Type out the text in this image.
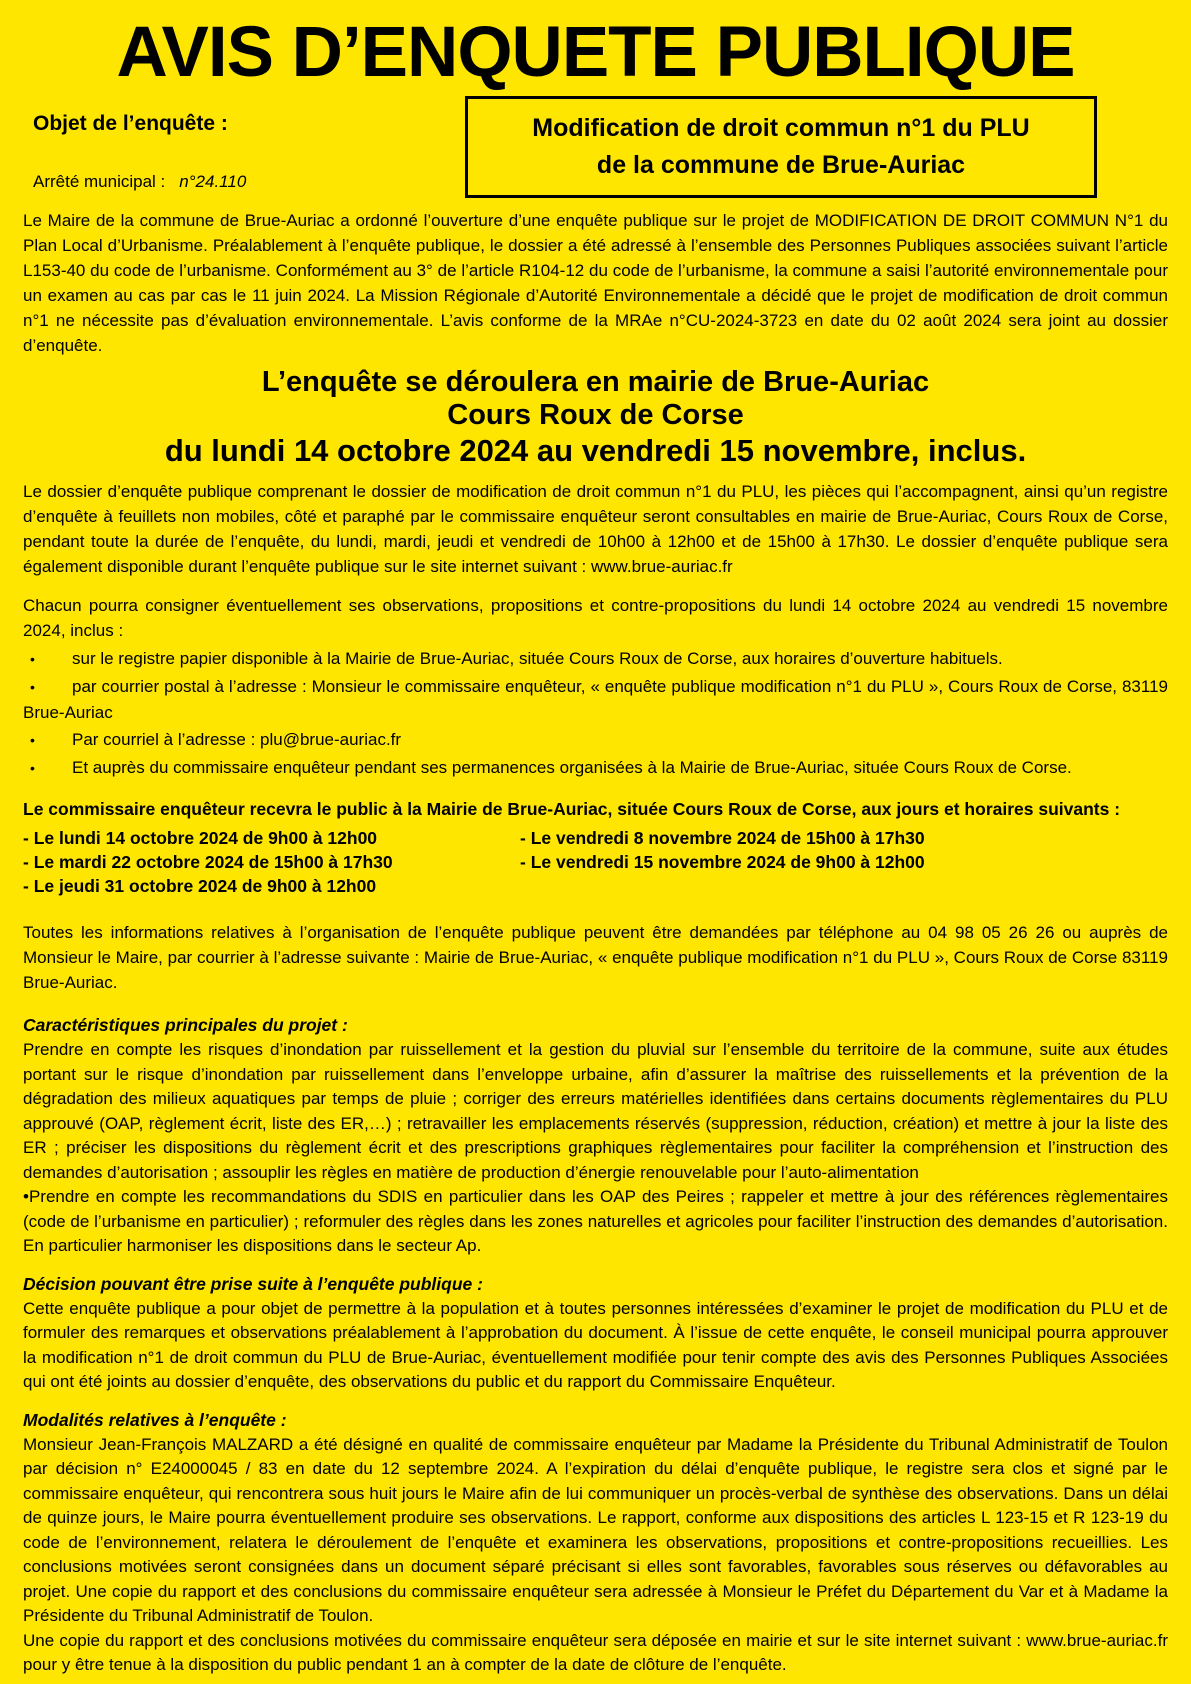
AVIS D’ENQUETE PUBLIQUE
Objet de l’enquête :
Arrêté municipal : n°24.110
Modification de droit commun n°1 du PLU
de la commune de Brue-Auriac
Le Maire de la commune de Brue-Auriac a ordonné l’ouverture d’une enquête publique sur le projet de MODIFICATION DE DROIT COMMUN N°1 du Plan Local d’Urbanisme. Préalablement à l’enquête publique, le dossier a été adressé à l’ensemble des Personnes Publiques associées suivant l’article L153-40 du code de l’urbanisme. Conformément au 3° de l’article R104-12 du code de l’urbanisme, la commune a saisi l’autorité environnementale pour un examen au cas par cas le 11 juin 2024. La Mission Régionale d’Autorité Environnementale a décidé que le projet de modification de droit commun n°1 ne nécessite pas d’évaluation environnementale. L’avis conforme de la MRAe n°CU-2024-3723 en date du 02 août 2024 sera joint au dossier d’enquête.
L’enquête se déroulera en mairie de Brue-Auriac
Cours Roux de Corse
du lundi 14 octobre 2024 au vendredi 15 novembre, inclus.
Le dossier d’enquête publique comprenant le dossier de modification de droit commun n°1 du PLU, les pièces qui l’accompagnent, ainsi qu’un registre d’enquête à feuillets non mobiles, côté et paraphé par le commissaire enquêteur seront consultables en mairie de Brue-Auriac, Cours Roux de Corse, pendant toute la durée de l’enquête, du lundi, mardi, jeudi et vendredi de 10h00 à 12h00 et de 15h00 à 17h30. Le dossier d’enquête publique sera également disponible durant l’enquête publique sur le site internet suivant : www.brue-auriac.fr
Chacun pourra consigner éventuellement ses observations, propositions et contre-propositions du lundi 14 octobre 2024 au vendredi 15 novembre 2024, inclus :
• sur le registre papier disponible à la Mairie de Brue-Auriac, située Cours Roux de Corse, aux horaires d’ouverture habituels.
• par courrier postal à l’adresse : Monsieur le commissaire enquêteur, « enquête publique modification n°1 du PLU », Cours Roux de Corse, 83119 Brue-Auriac
• Par courriel à l’adresse : plu@brue-auriac.fr
• Et auprès du commissaire enquêteur pendant ses permanences organisées à la Mairie de Brue-Auriac, située Cours Roux de Corse.
Le commissaire enquêteur recevra le public à la Mairie de Brue-Auriac, située Cours Roux de Corse, aux jours et horaires suivants :
- Le lundi 14 octobre 2024 de 9h00 à 12h00
- Le mardi 22 octobre 2024 de 15h00 à 17h30
- Le jeudi 31 octobre 2024 de 9h00 à 12h00
- Le vendredi 8 novembre 2024 de 15h00 à 17h30
- Le vendredi 15 novembre 2024 de 9h00 à 12h00
Toutes les informations relatives à l’organisation de l’enquête publique peuvent être demandées par téléphone au 04 98 05 26 26 ou auprès de Monsieur le Maire, par courrier à l’adresse suivante : Mairie de Brue-Auriac, « enquête publique modification n°1 du PLU », Cours Roux de Corse 83119 Brue-Auriac.
Caractéristiques principales du projet :
Prendre en compte les risques d’inondation par ruissellement et la gestion du pluvial sur l’ensemble du territoire de la commune, suite aux études portant sur le risque d’inondation par ruissellement dans l’enveloppe urbaine, afin d’assurer la maîtrise des ruissellements et la prévention de la dégradation des milieux aquatiques par temps de pluie ; corriger des erreurs matérielles identifiées dans certains documents règlementaires du PLU approuvé (OAP, règlement écrit, liste des ER,…) ; retravailler les emplacements réservés (suppression, réduction, création) et mettre à jour la liste des ER ; préciser les dispositions du règlement écrit et des prescriptions graphiques règlementaires pour faciliter la compréhension et l’instruction des demandes d’autorisation ; assouplir les règles en matière de production d’énergie renouvelable pour l’auto-alimentation
•Prendre en compte les recommandations du SDIS en particulier dans les OAP des Peires ; rappeler et mettre à jour des références règlementaires (code de l’urbanisme en particulier) ; reformuler des règles dans les zones naturelles et agricoles pour faciliter l’instruction des demandes d’autorisation. En particulier harmoniser les dispositions dans le secteur Ap.
Décision pouvant être prise suite à l’enquête publique :
Cette enquête publique a pour objet de permettre à la population et à toutes personnes intéressées d’examiner le projet de modification du PLU et de formuler des remarques et observations préalablement à l’approbation du document. À l’issue de cette enquête, le conseil municipal pourra approuver la modification n°1 de droit commun du PLU de Brue-Auriac, éventuellement modifiée pour tenir compte des avis des Personnes Publiques Associées qui ont été joints au dossier d’enquête, des observations du public et du rapport du Commissaire Enquêteur.
Modalités relatives à l’enquête :
Monsieur Jean-François MALZARD a été désigné en qualité de commissaire enquêteur par Madame la Présidente du Tribunal Administratif de Toulon par décision n° E24000045 / 83 en date du 12 septembre 2024. A l’expiration du délai d’enquête publique, le registre sera clos et signé par le commissaire enquêteur, qui rencontrera sous huit jours le Maire afin de lui communiquer un procès-verbal de synthèse des observations. Dans un délai de quinze jours, le Maire pourra éventuellement produire ses observations. Le rapport, conforme aux dispositions des articles L 123-15 et R 123-19 du code de l’environnement, relatera le déroulement de l’enquête et examinera les observations, propositions et contre-propositions recueillies. Les conclusions motivées seront consignées dans un document séparé précisant si elles sont favorables, favorables sous réserves ou défavorables au projet. Une copie du rapport et des conclusions du commissaire enquêteur sera adressée à Monsieur le Préfet du Département du Var et à Madame la Présidente du Tribunal Administratif de Toulon.
Une copie du rapport et des conclusions motivées du commissaire enquêteur sera déposée en mairie et sur le site internet suivant : www.brue-auriac.fr pour y être tenue à la disposition du public pendant 1 an à compter de la date de clôture de l’enquête.
